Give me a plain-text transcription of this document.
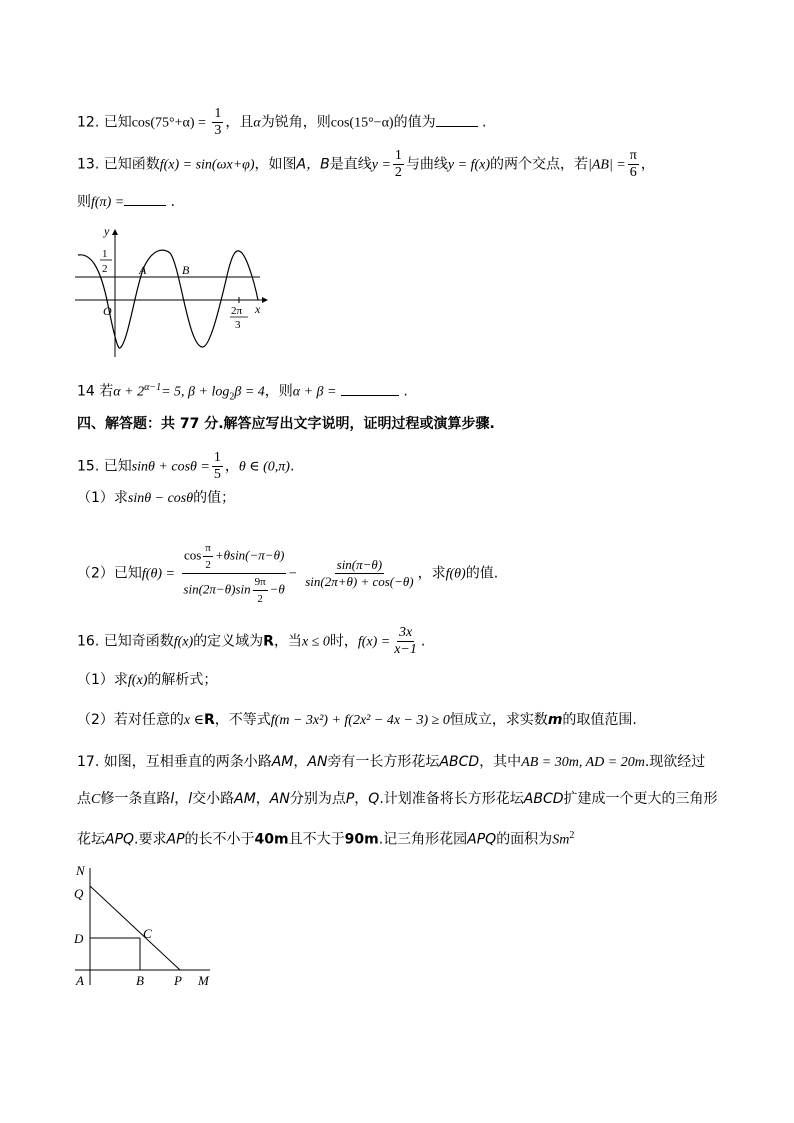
12. 已知$\cos(75^\circ+\alpha) = \frac{1}{3}$ ，且α为锐角，则cos(15°−α)的值为	.
13. 已知函数f(x) = sin(ωx+φ)，如图A，B是直线$y = \frac{1}{2}$ 与曲线y = f(x)的两个交点，若$|AB| = \frac{\pi}{6}$ ，
则f(π) =	.
y
x
O
1
2	A	B
2π
3
14 若$\alpha + 2^{\alpha-1}= 5$, $\beta + \log_2\beta = 4$，则α + β =	.
四、解答题：共 77 分.解答应写出文字说明，证明过程或演算步骤.
15. 已知$\sin\theta + \cos\theta = \frac{1}{5}$ ，θ ∈ (0,π).
（1）求sinθ − cosθ的值；
（2）已知$f(\theta) = \frac{\cos \frac{\pi}{2} +\theta\sin(-\pi-\theta)}{\sin(2\pi-\theta)\sin \frac{9\pi}{2} -\theta} - \frac{\sin(\pi-\theta)}{\sin(2\pi+\theta) + \cos(-\theta)}$ ，求f(θ)的值.
16. 已知奇函数f(x)的定义域为R，当x ≤ 0时，$f(x) = \frac{3x}{x-1}$ .
（1）求f(x)的解析式；
（2）若对任意的x ∈R，不等式f(m − 3x²) + f(2x² − 4x − 3) ≥ 0恒成立，求实数m的取值范围.
17. 如图，互相垂直的两条小路AM，AN旁有一长方形花坛ABCD，其中AB = 30m, AD = 20m.现欲经过
点C修一条直路l，l交小路AM，AN分别为点P，Q.计划准备将长方形花坛ABCD扩建成一个更大的三角形
花坛APQ.要求AP的长不小于40m且不大于90m.记三角形花园APQ的面积为Sm$^2$
N
Q
D	C
A	B P M
